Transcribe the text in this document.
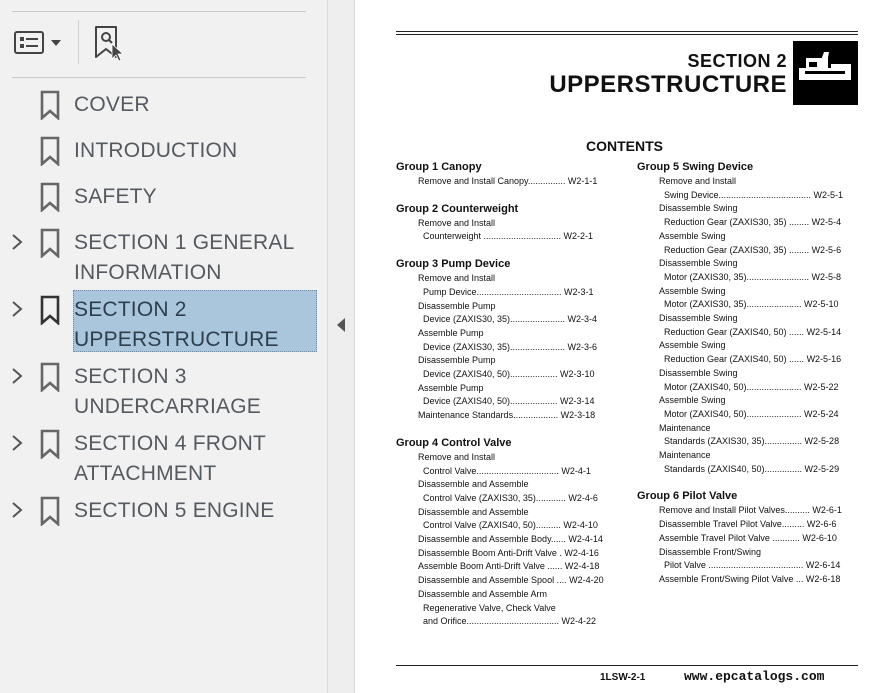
COVER
INTRODUCTION
SAFETY
SECTION 1 GENERAL
INFORMATION
SECTION 2
UPPERSTRUCTURE
SECTION 3
UNDERCARRIAGE
SECTION 4 FRONT
ATTACHMENT
SECTION 5 ENGINE
SECTION 2
UPPERSTRUCTURE
CONTENTS
Group 1 Canopy
Remove and Install Canopy............... W2-1-1
Group 2 Counterweight
Remove and Install
Counterweight ............................... W2-2-1
Group 3 Pump Device
Remove and Install
Pump Device.................................. W2-3-1
Disassemble Pump
Device (ZAXIS30, 35)...................... W2-3-4
Assemble Pump
Device (ZAXIS30, 35)...................... W2-3-6
Disassemble Pump
Device (ZAXIS40, 50)................... W2-3-10
Assemble Pump
Device (ZAXIS40, 50)................... W2-3-14
Maintenance Standards.................. W2-3-18
Group 4 Control Valve
Remove and Install
Control Valve................................. W2-4-1
Disassemble and Assemble
Control Valve (ZAXIS30, 35)............ W2-4-6
Disassemble and Assemble
Control Valve (ZAXIS40, 50).......... W2-4-10
Disassemble and Assemble Body...... W2-4-14
Disassemble Boom Anti-Drift Valve . W2-4-16
Assemble Boom Anti-Drift Valve ...... W2-4-18
Disassemble and Assemble Spool .... W2-4-20
Disassemble and Assemble Arm
Regenerative Valve, Check Valve
and Orifice..................................... W2-4-22
Group 5 Swing Device
Remove and Install
Swing Device..................................... W2-5-1
Disassemble Swing
Reduction Gear (ZAXIS30, 35) ........ W2-5-4
Assemble Swing
Reduction Gear (ZAXIS30, 35) ........ W2-5-6
Disassemble Swing
Motor (ZAXIS30, 35)......................... W2-5-8
Assemble Swing
Motor (ZAXIS30, 35)...................... W2-5-10
Disassemble Swing
Reduction Gear (ZAXIS40, 50) ...... W2-5-14
Assemble Swing
Reduction Gear (ZAXIS40, 50) ...... W2-5-16
Disassemble Swing
Motor (ZAXIS40, 50)...................... W2-5-22
Assemble Swing
Motor (ZAXIS40, 50)...................... W2-5-24
Maintenance
Standards (ZAXIS30, 35)............... W2-5-28
Maintenance
Standards (ZAXIS40, 50)............... W2-5-29
Group 6 Pilot Valve
Remove and Install Pilot Valves.......... W2-6-1
Disassemble Travel Pilot Valve......... W2-6-6
Assemble Travel Pilot Valve ........... W2-6-10
Disassemble Front/Swing
Pilot Valve ...................................... W2-6-14
Assemble Front/Swing Pilot Valve ... W2-6-18
1LSW-2-1	www.epcatalogs.com
